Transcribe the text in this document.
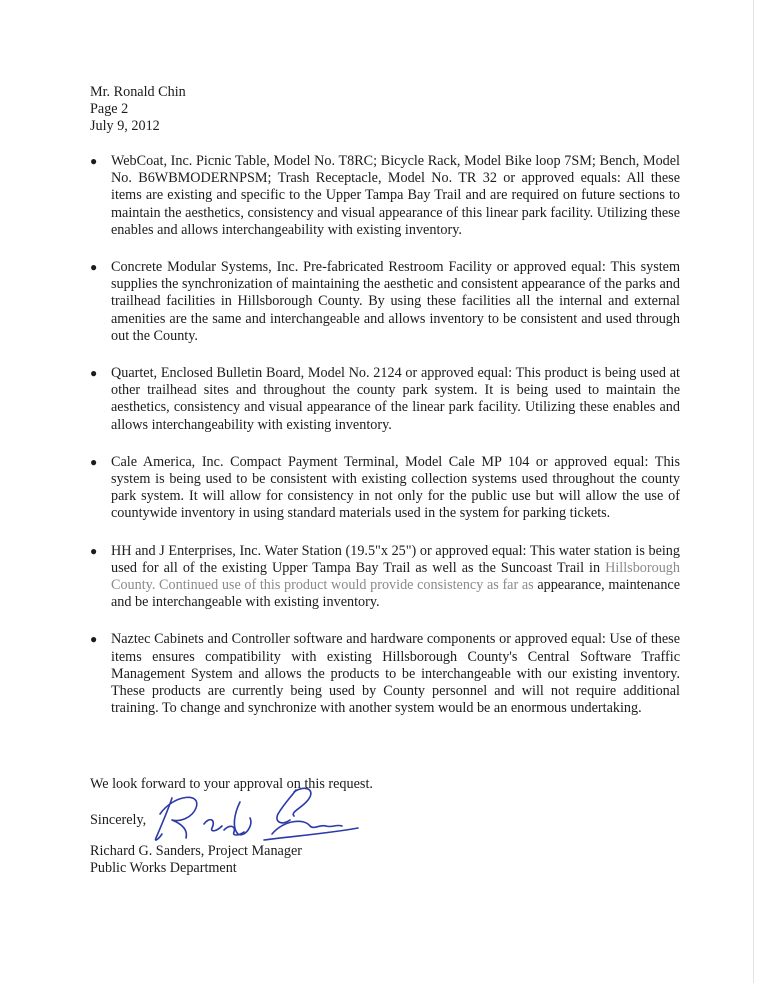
Mr. Ronald Chin
Page 2
July 9, 2012
● WebCoat, Inc. Picnic Table, Model No. T8RC; Bicycle Rack, Model Bike loop 7SM; Bench, Model No. B6WBMODERNPSM; Trash Receptacle, Model No. TR 32 or approved equals: All these items are existing and specific to the Upper Tampa Bay Trail and are required on future sections to maintain the aesthetics, consistency and visual appearance of this linear park facility. Utilizing these enables and allows interchangeability with existing inventory.
● Concrete Modular Systems, Inc. Pre-fabricated Restroom Facility or approved equal: This system supplies the synchronization of maintaining the aesthetic and consistent appearance of the parks and trailhead facilities in Hillsborough County. By using these facilities all the internal and external amenities are the same and interchangeable and allows inventory to be consistent and used through out the County.
● Quartet, Enclosed Bulletin Board, Model No. 2124 or approved equal: This product is being used at other trailhead sites and throughout the county park system. It is being used to maintain the aesthetics, consistency and visual appearance of the linear park facility. Utilizing these enables and allows interchangeability with existing inventory.
● Cale America, Inc. Compact Payment Terminal, Model Cale MP 104 or approved equal: This system is being used to be consistent with existing collection systems used throughout the county park system. It will allow for consistency in not only for the public use but will allow the use of countywide inventory in using standard materials used in the system for parking tickets.
● HH and J Enterprises, Inc. Water Station (19.5"x 25") or approved equal: This water station is being used for all of the existing Upper Tampa Bay Trail as well as the Suncoast Trail in Hillsborough County. Continued use of this product would provide consistency as far as appearance, maintenance and be interchangeable with existing inventory.
● Naztec Cabinets and Controller software and hardware components or approved equal: Use of these items ensures compatibility with existing Hillsborough County's Central Software Traffic Management System and allows the products to be interchangeable with our existing inventory. These products are currently being used by County personnel and will not require additional training. To change and synchronize with another system would be an enormous undertaking.
We look forward to your approval on this request.
Sincerely,
Richard G. Sanders, Project Manager
Public Works Department
